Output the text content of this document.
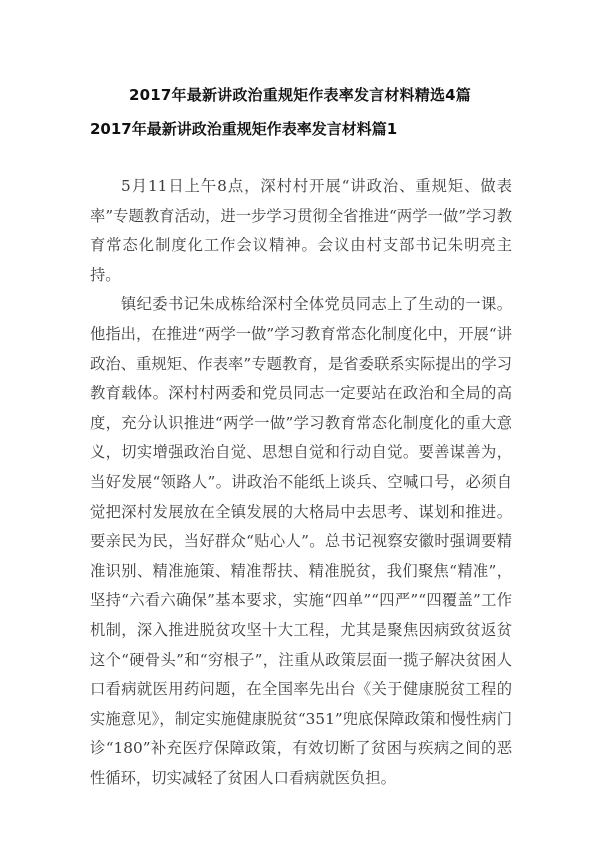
2017年最新讲政治重规矩作表率发言材料精选4篇
2017年最新讲政治重规矩作表率发言材料篇1

5月11日上午8点，深村村开展“讲政治、重规矩、做表率”专题教育活动，进一步学习贯彻全省推进“两学一做”学习教育常态化制度化工作会议精神。会议由村支部书记朱明亮主持。

镇纪委书记朱成栋给深村全体党员同志上了生动的一课。他指出，在推进“两学一做”学习教育常态化制度化中，开展“讲政治、重规矩、作表率”专题教育，是省委联系实际提出的学习教育载体。深村村两委和党员同志一定要站在政治和全局的高度，充分认识推进“两学一做”学习教育常态化制度化的重大意义，切实增强政治自觉、思想自觉和行动自觉。要善谋善为，当好发展“领路人”。讲政治不能纸上谈兵、空喊口号，必须自觉把深村发展放在全镇发展的大格局中去思考、谋划和推进。要亲民为民，当好群众“贴心人”。总书记视察安徽时强调要精准识别、精准施策、精准帮扶、精准脱贫，我们聚焦“精准”，坚持“六看六确保”基本要求，实施“四单”“四严”“四覆盖”工作机制，深入推进脱贫攻坚十大工程，尤其是聚焦因病致贫返贫这个“硬骨头”和“穷根子”，注重从政策层面一揽子解决贫困人口看病就医用药问题，在全国率先出台《关于健康脱贫工程的实施意见》，制定实施健康脱贫“351”兜底保障政策和慢性病门诊“180”补充医疗保障政策，有效切断了贫困与疾病之间的恶性循环，切实减轻了贫困人口看病就医负担。
